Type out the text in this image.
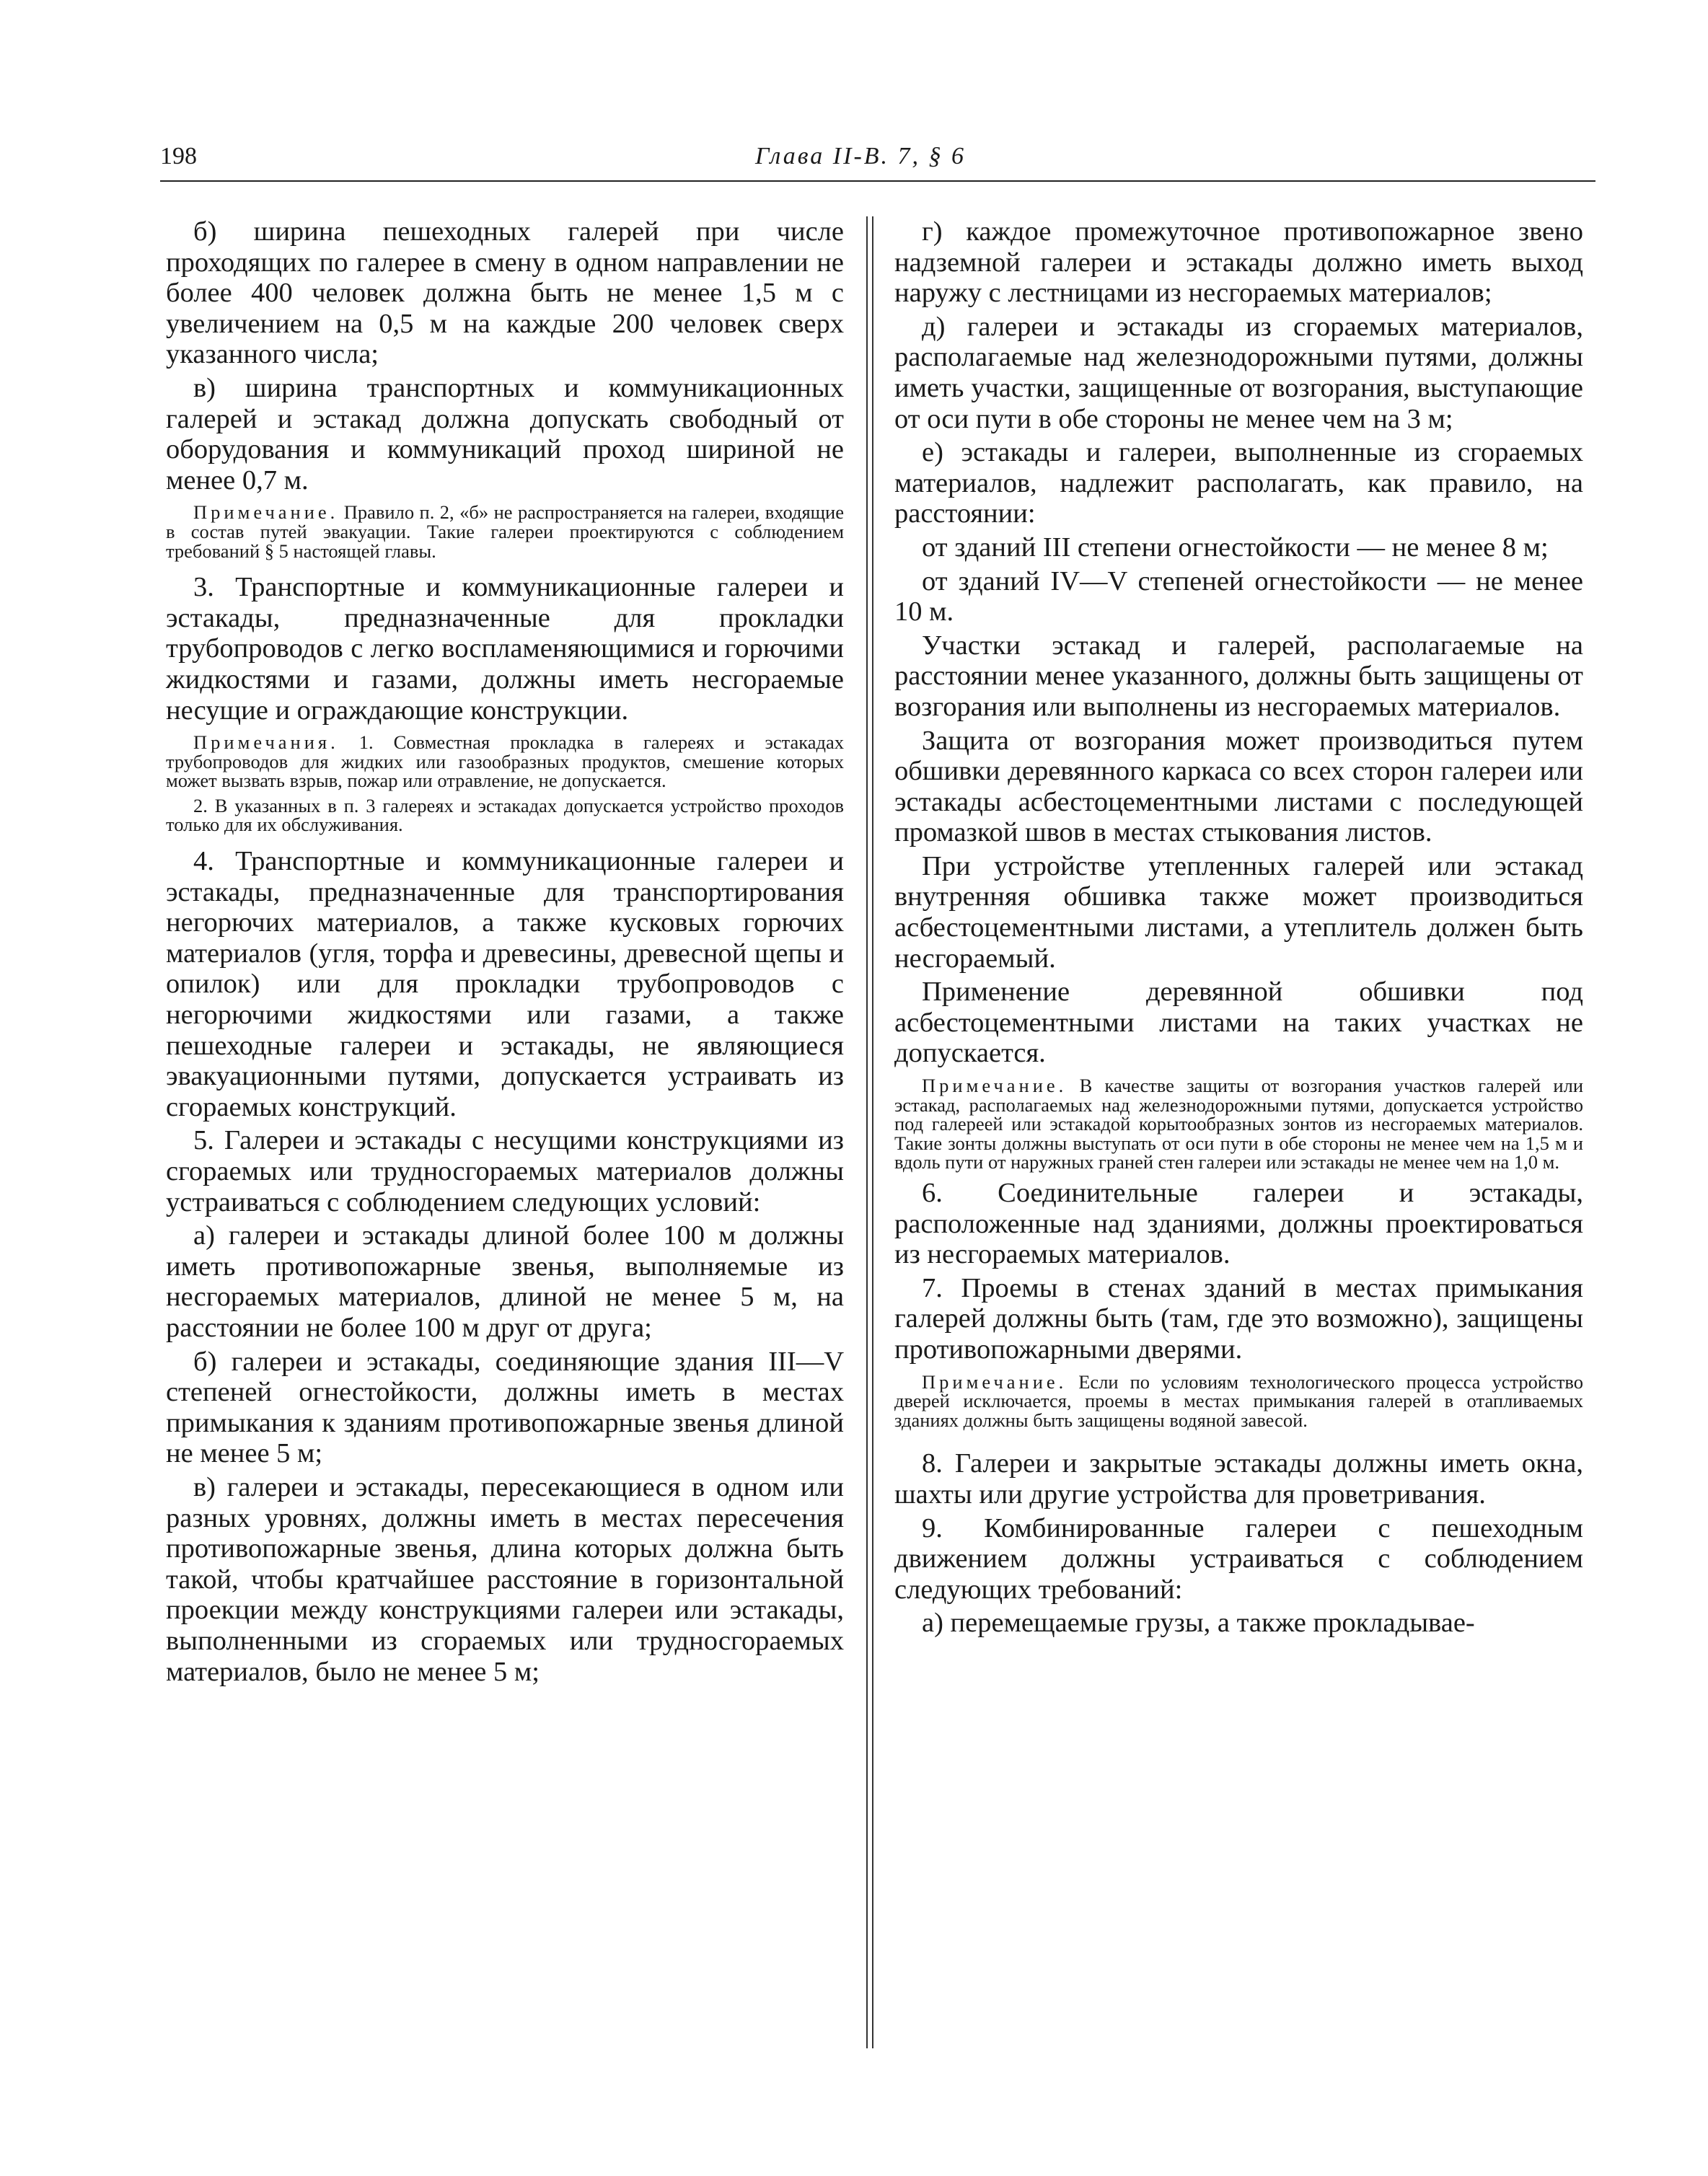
198	Глава II-В. 7, § 6

б) ширина пешеходных галерей при числе проходящих по галерее в смену в одном направлении не более 400 человек должна быть не менее 1,5 м с увеличением на 0,5 м на каждые 200 человек сверх указанного числа;

в) ширина транспортных и коммуникационных галерей и эстакад должна допускать свободный от оборудования и коммуникаций проход шириной не менее 0,7 м.

Примечание. Правило п. 2, «б» не распространяется на галереи, входящие в состав путей эвакуации. Такие галереи проектируются с соблюдением требований § 5 настоящей главы.

3. Транспортные и коммуникационные галереи и эстакады, предназначенные для прокладки трубопроводов с легко воспламеняющимися и горючими жидкостями и газами, должны иметь несгораемые несущие и ограждающие конструкции.

Примечания. 1. Совместная прокладка в галереях и эстакадах трубопроводов для жидких или газообразных продуктов, смешение которых может вызвать взрыв, пожар или отравление, не допускается.

2. В указанных в п. 3 галереях и эстакадах допускается устройство проходов только для их обслуживания.

4. Транспортные и коммуникационные галереи и эстакады, предназначенные для транспортирования негорючих материалов, а также кусковых горючих материалов (угля, торфа и древесины, древесной щепы и опилок) или для прокладки трубопроводов с негорючими жидкостями или газами, а также пешеходные галереи и эстакады, не являющиеся эвакуационными путями, допускается устраивать из сгораемых конструкций.

5. Галереи и эстакады с несущими конструкциями из сгораемых или трудносгораемых материалов должны устраиваться с соблюдением следующих условий:

а) галереи и эстакады длиной более 100 м должны иметь противопожарные звенья, выполняемые из несгораемых материалов, длиной не менее 5 м, на расстоянии не более 100 м друг от друга;

б) галереи и эстакады, соединяющие здания III—V степеней огнестойкости, должны иметь в местах примыкания к зданиям противопожарные звенья длиной не менее 5 м;

в) галереи и эстакады, пересекающиеся в одном или разных уровнях, должны иметь в местах пересечения противопожарные звенья, длина которых должна быть такой, чтобы кратчайшее расстояние в горизонтальной проекции между конструкциями галереи или эстакады, выполненными из сгораемых или трудносгораемых материалов, было не менее 5 м;

г) каждое промежуточное противопожарное звено надземной галереи и эстакады должно иметь выход наружу с лестницами из несгораемых материалов;

д) галереи и эстакады из сгораемых материалов, располагаемые над железнодорожными путями, должны иметь участки, защищенные от возгорания, выступающие от оси пути в обе стороны не менее чем на 3 м;

е) эстакады и галереи, выполненные из сгораемых материалов, надлежит располагать, как правило, на расстоянии:

от зданий III степени огнестойкости — не менее 8 м;

от зданий IV—V степеней огнестойкости — не менее 10 м.

Участки эстакад и галерей, располагаемые на расстоянии менее указанного, должны быть защищены от возгорания или выполнены из несгораемых материалов.

Защита от возгорания может производиться путем обшивки деревянного каркаса со всех сторон галереи или эстакады асбестоцементными листами с последующей промазкой швов в местах стыкования листов.

При устройстве утепленных галерей или эстакад внутренняя обшивка также может производиться асбестоцементными листами, а утеплитель должен быть несгораемый.

Применение деревянной обшивки под асбестоцементными листами на таких участках не допускается.

Примечание. В качестве защиты от возгорания участков галерей или эстакад, располагаемых над железнодорожными путями, допускается устройство под галереей или эстакадой корытообразных зонтов из несгораемых материалов. Такие зонты должны выступать от оси пути в обе стороны не менее чем на 1,5 м и вдоль пути от наружных граней стен галереи или эстакады не менее чем на 1,0 м.

6. Соединительные галереи и эстакады, расположенные над зданиями, должны проектироваться из несгораемых материалов.

7. Проемы в стенах зданий в местах примыкания галерей должны быть (там, где это возможно), защищены противопожарными дверями.

Примечание. Если по условиям технологического процесса устройство дверей исключается, проемы в местах примыкания галерей в отапливаемых зданиях должны быть защищены водяной завесой.

8. Галереи и закрытые эстакады должны иметь окна, шахты или другие устройства для проветривания.

9. Комбинированные галереи с пешеходным движением должны устраиваться с соблюдением следующих требований:

а) перемещаемые грузы, а также прокладывае-
